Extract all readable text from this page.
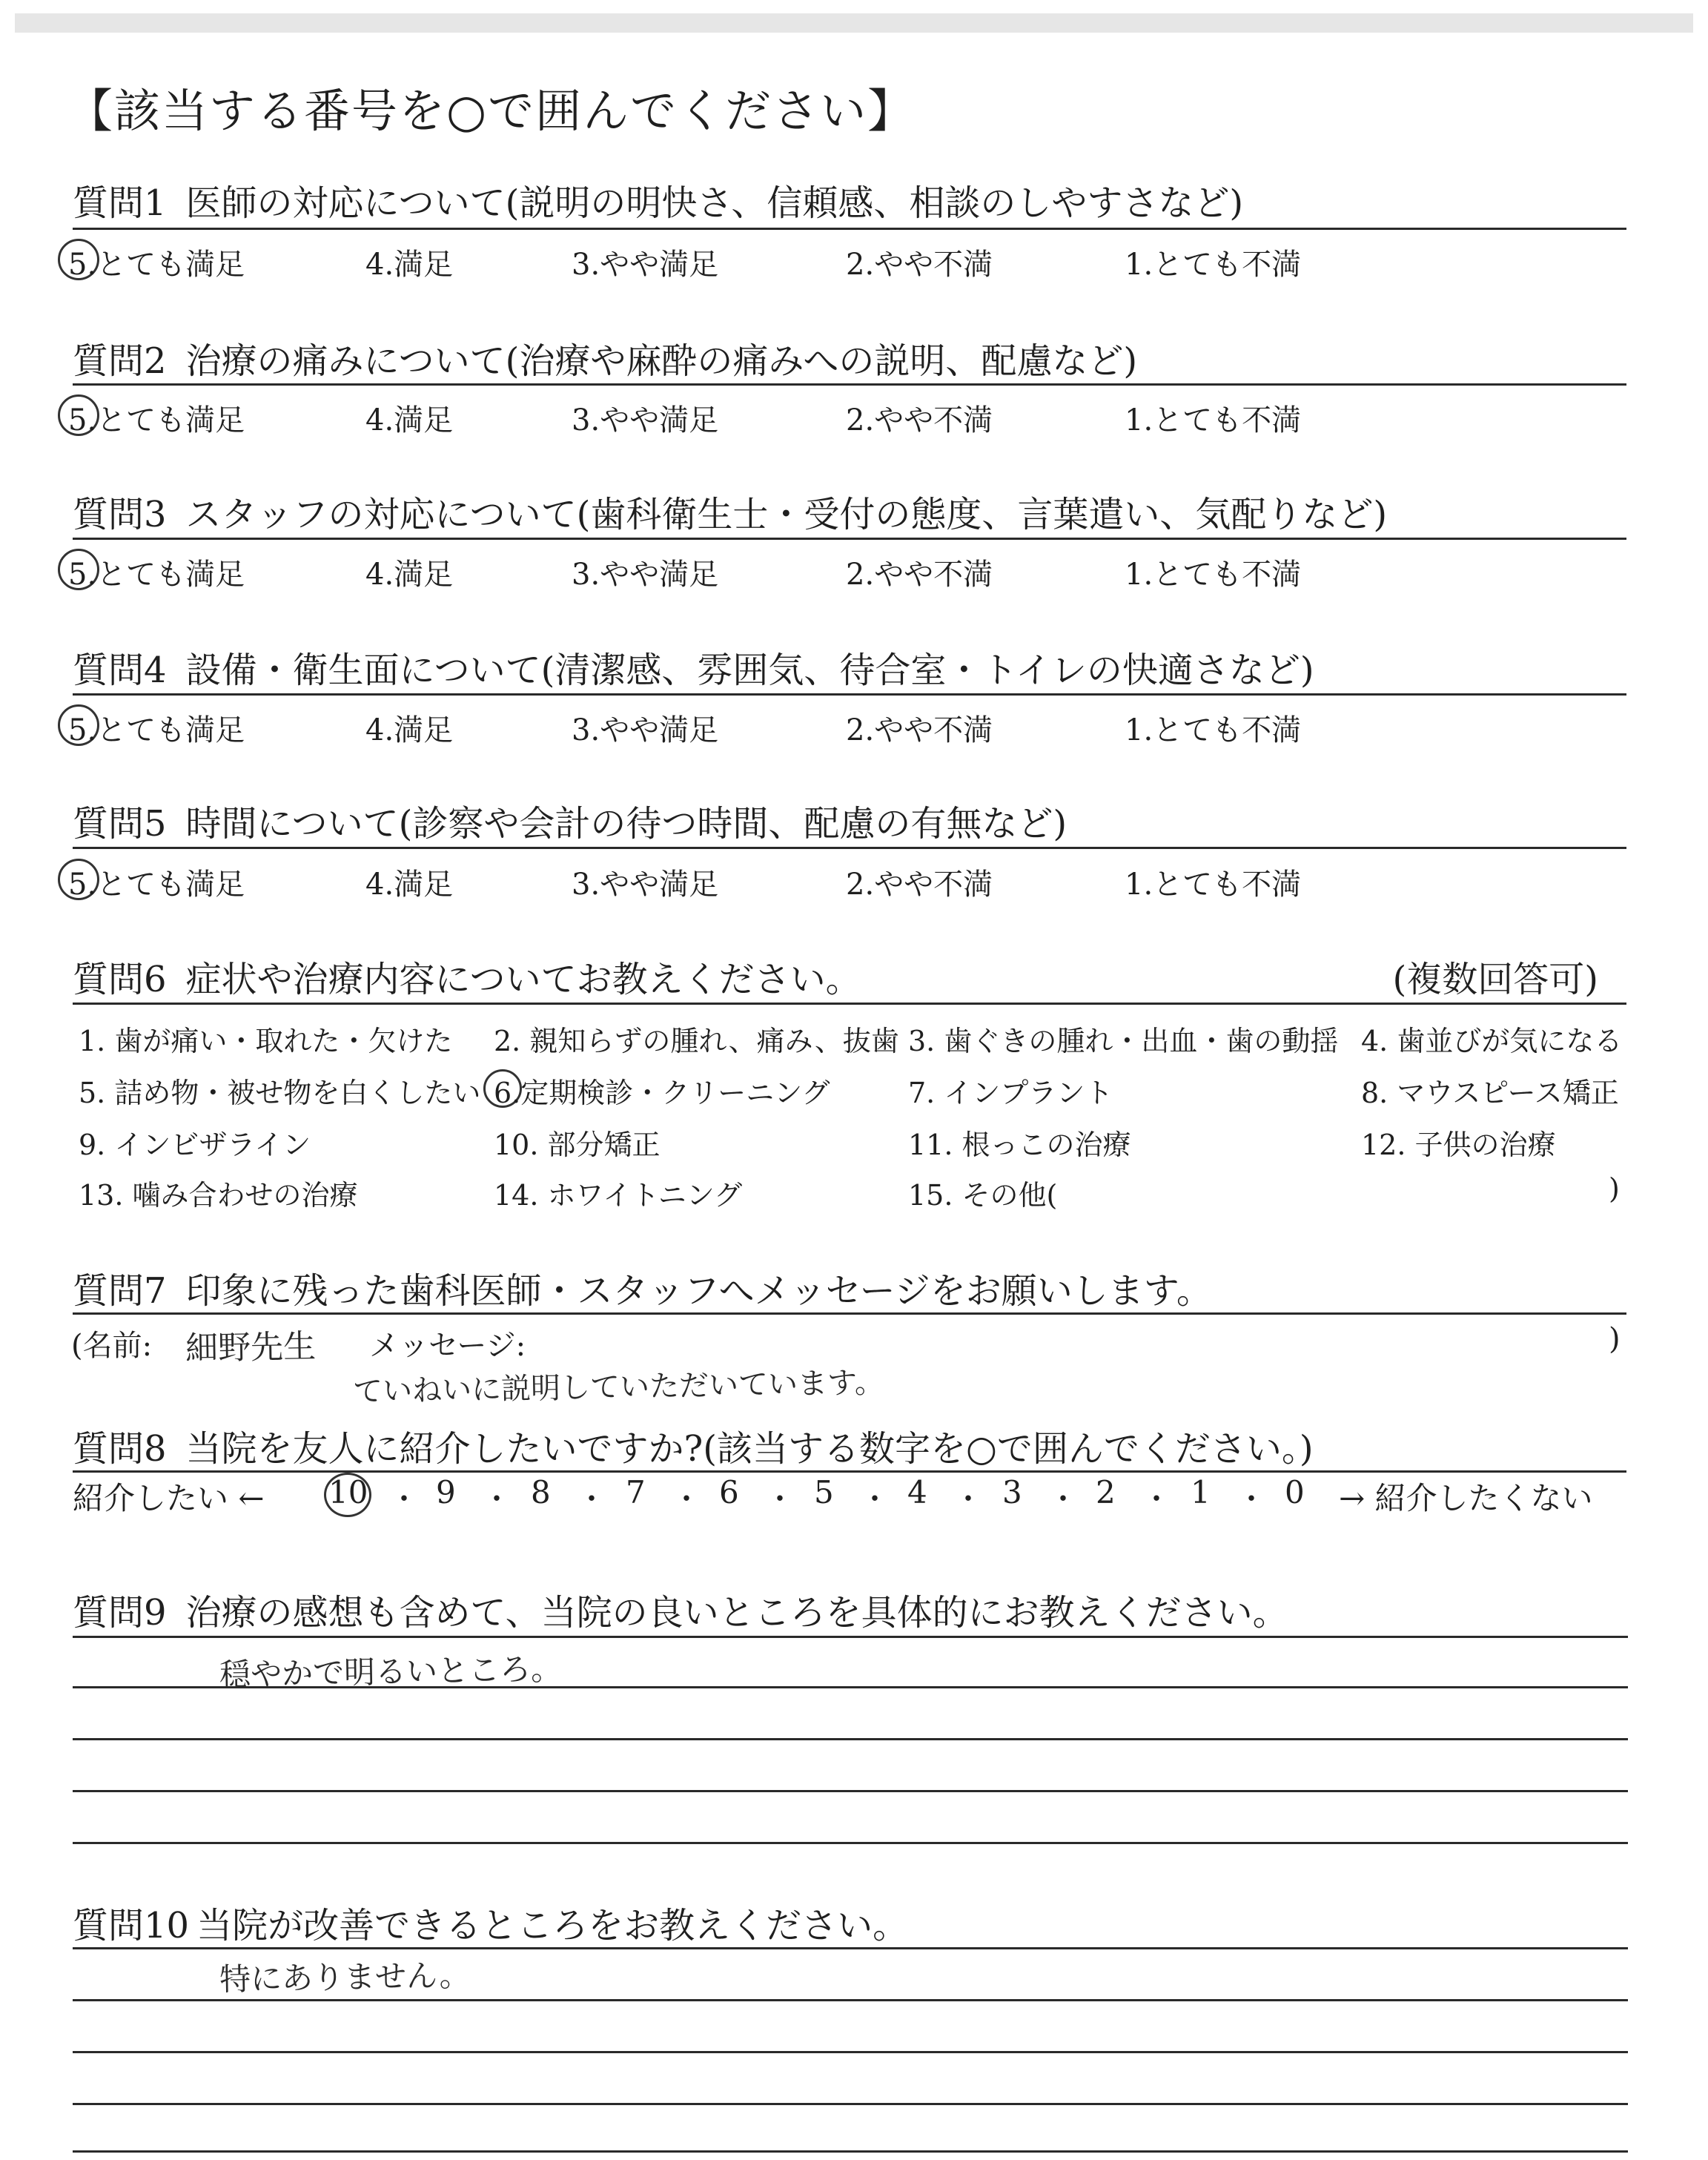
【該当する番号を○で囲んでください】
質問1 医師の対応について(説明の明快さ、信頼感、相談のしやすさなど)
5.とても満足	4.満足	3.やや満足	2.やや不満	1.とても不満
質問2 治療の痛みについて(治療や麻酔の痛みへの説明、配慮など)
5.とても満足	4.満足	3.やや満足	2.やや不満	1.とても不満
質問3 スタッフの対応について(歯科衛生士・受付の態度、言葉遣い、気配りなど)
5.とても満足	4.満足	3.やや満足	2.やや不満	1.とても不満
質問4 設備・衛生面について(清潔感、雰囲気、待合室・トイレの快適さなど)
5.とても満足	4.満足	3.やや満足	2.やや不満	1.とても不満
質問5 時間について(診察や会計の待つ時間、配慮の有無など)
5.とても満足	4.満足	3.やや満足	2.やや不満	1.とても不満
質問6 症状や治療内容についてお教えください。	(複数回答可)
1. 歯が痛い・取れた・欠けた 2. 親知らずの腫れ、痛み、抜歯 3. 歯ぐきの腫れ・出血・歯の動揺 4. 歯並びが気になる
5. 詰め物・被せ物を白くしたい 6.定期検診・クリーニング	7. インプラント	8. マウスピース矯正
9. インビザライン	10. 部分矯正	11. 根っこの治療	12. 子供の治療
13. 噛み合わせの治療	14. ホワイトニング	15. その他(	)
質問7 印象に残った歯科医師・スタッフへメッセージをお願いします。
(名前: 細野先生 メッセージ:	)
ていねいに説明していただいています。
質問8 当院を友人に紹介したいですか?(該当する数字を○で囲んでください。)
紹介したい ← 10 ・ 9 ・ 8 ・ 7 ・ 6 ・ 5 ・ 4 ・ 3 ・ 2 ・ 1 ・ 0 → 紹介したくない
質問9 治療の感想も含めて、当院の良いところを具体的にお教えください。
穏やかで明るいところ。
質問10 当院が改善できるところをお教えください。
特にありません。
